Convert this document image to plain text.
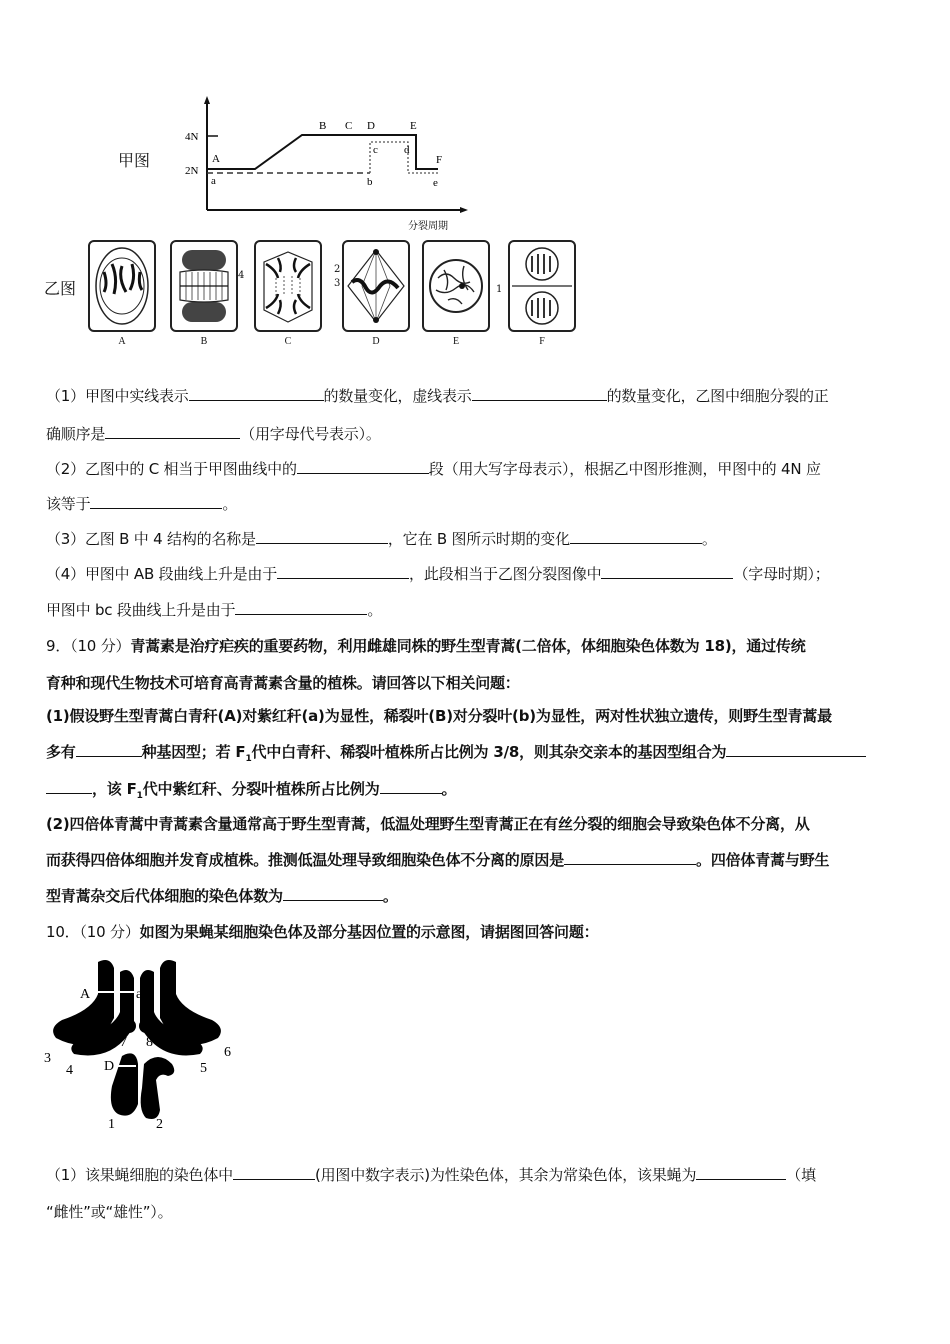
甲图
4N
2N
A
B C D	E
F
a	b
c d
e
分裂周期
乙图
4
2
3
1
A	B	C	D	E	F
（1）甲图中实线表示	的数量变化，虚线表示	的数量变化，乙图中细胞分裂的正
确顺序是	（用字母代号表示）。
（2）乙图中的 C 相当于甲图曲线中的	段（用大写字母表示），根据乙中图形推测，甲图中的 4N 应
该等于	。
（3）乙图 B 中 4 结构的名称是	，它在 B 图所示时期的变化	。
（4）甲图中 AB 段曲线上升是由于	，此段相当于乙图分裂图像中	（字母时期）；
甲图中 bc 段曲线上升是由于	。
9．（10 分）青蒿素是治疗疟疾的重要药物，利用雌雄同株的野生型青蒿(二倍体，体细胞染色体数为 18)，通过传统
育种和现代生物技术可培育高青蒿素含量的植株。请回答以下相关问题：
(1)假设野生型青蒿白青秆(A)对紫红秆(a)为显性，稀裂叶(B)对分裂叶(b)为显性，两对性状独立遗传，则野生型青蒿最
多有	种基因型；若 $F_1$代中白青秆、稀裂叶植株所占比例为 3/8，则其杂交亲本的基因型组合为
，该 $F_1$代中紫红秆、分裂叶植株所占比例为	。
(2)四倍体青蒿中青蒿素含量通常高于野生型青蒿，低温处理野生型青蒿正在有丝分裂的细胞会导致染色体不分离，从
而获得四倍体细胞并发育成植株。推测低温处理导致细胞染色体不分离的原因是	。四倍体青蒿与野生
型青蒿杂交后代体细胞的染色体数为	。
10．（10 分）如图为果蝇某细胞染色体及部分基因位置的示意图，请据图回答问题：
A	a
D
1	2
3
4	5
6
7 8
（1）该果蝇细胞的染色体中	(用图中数字表示)为性染色体，其余为常染色体，该果蝇为	（填
“雌性”或“雄性”）。
